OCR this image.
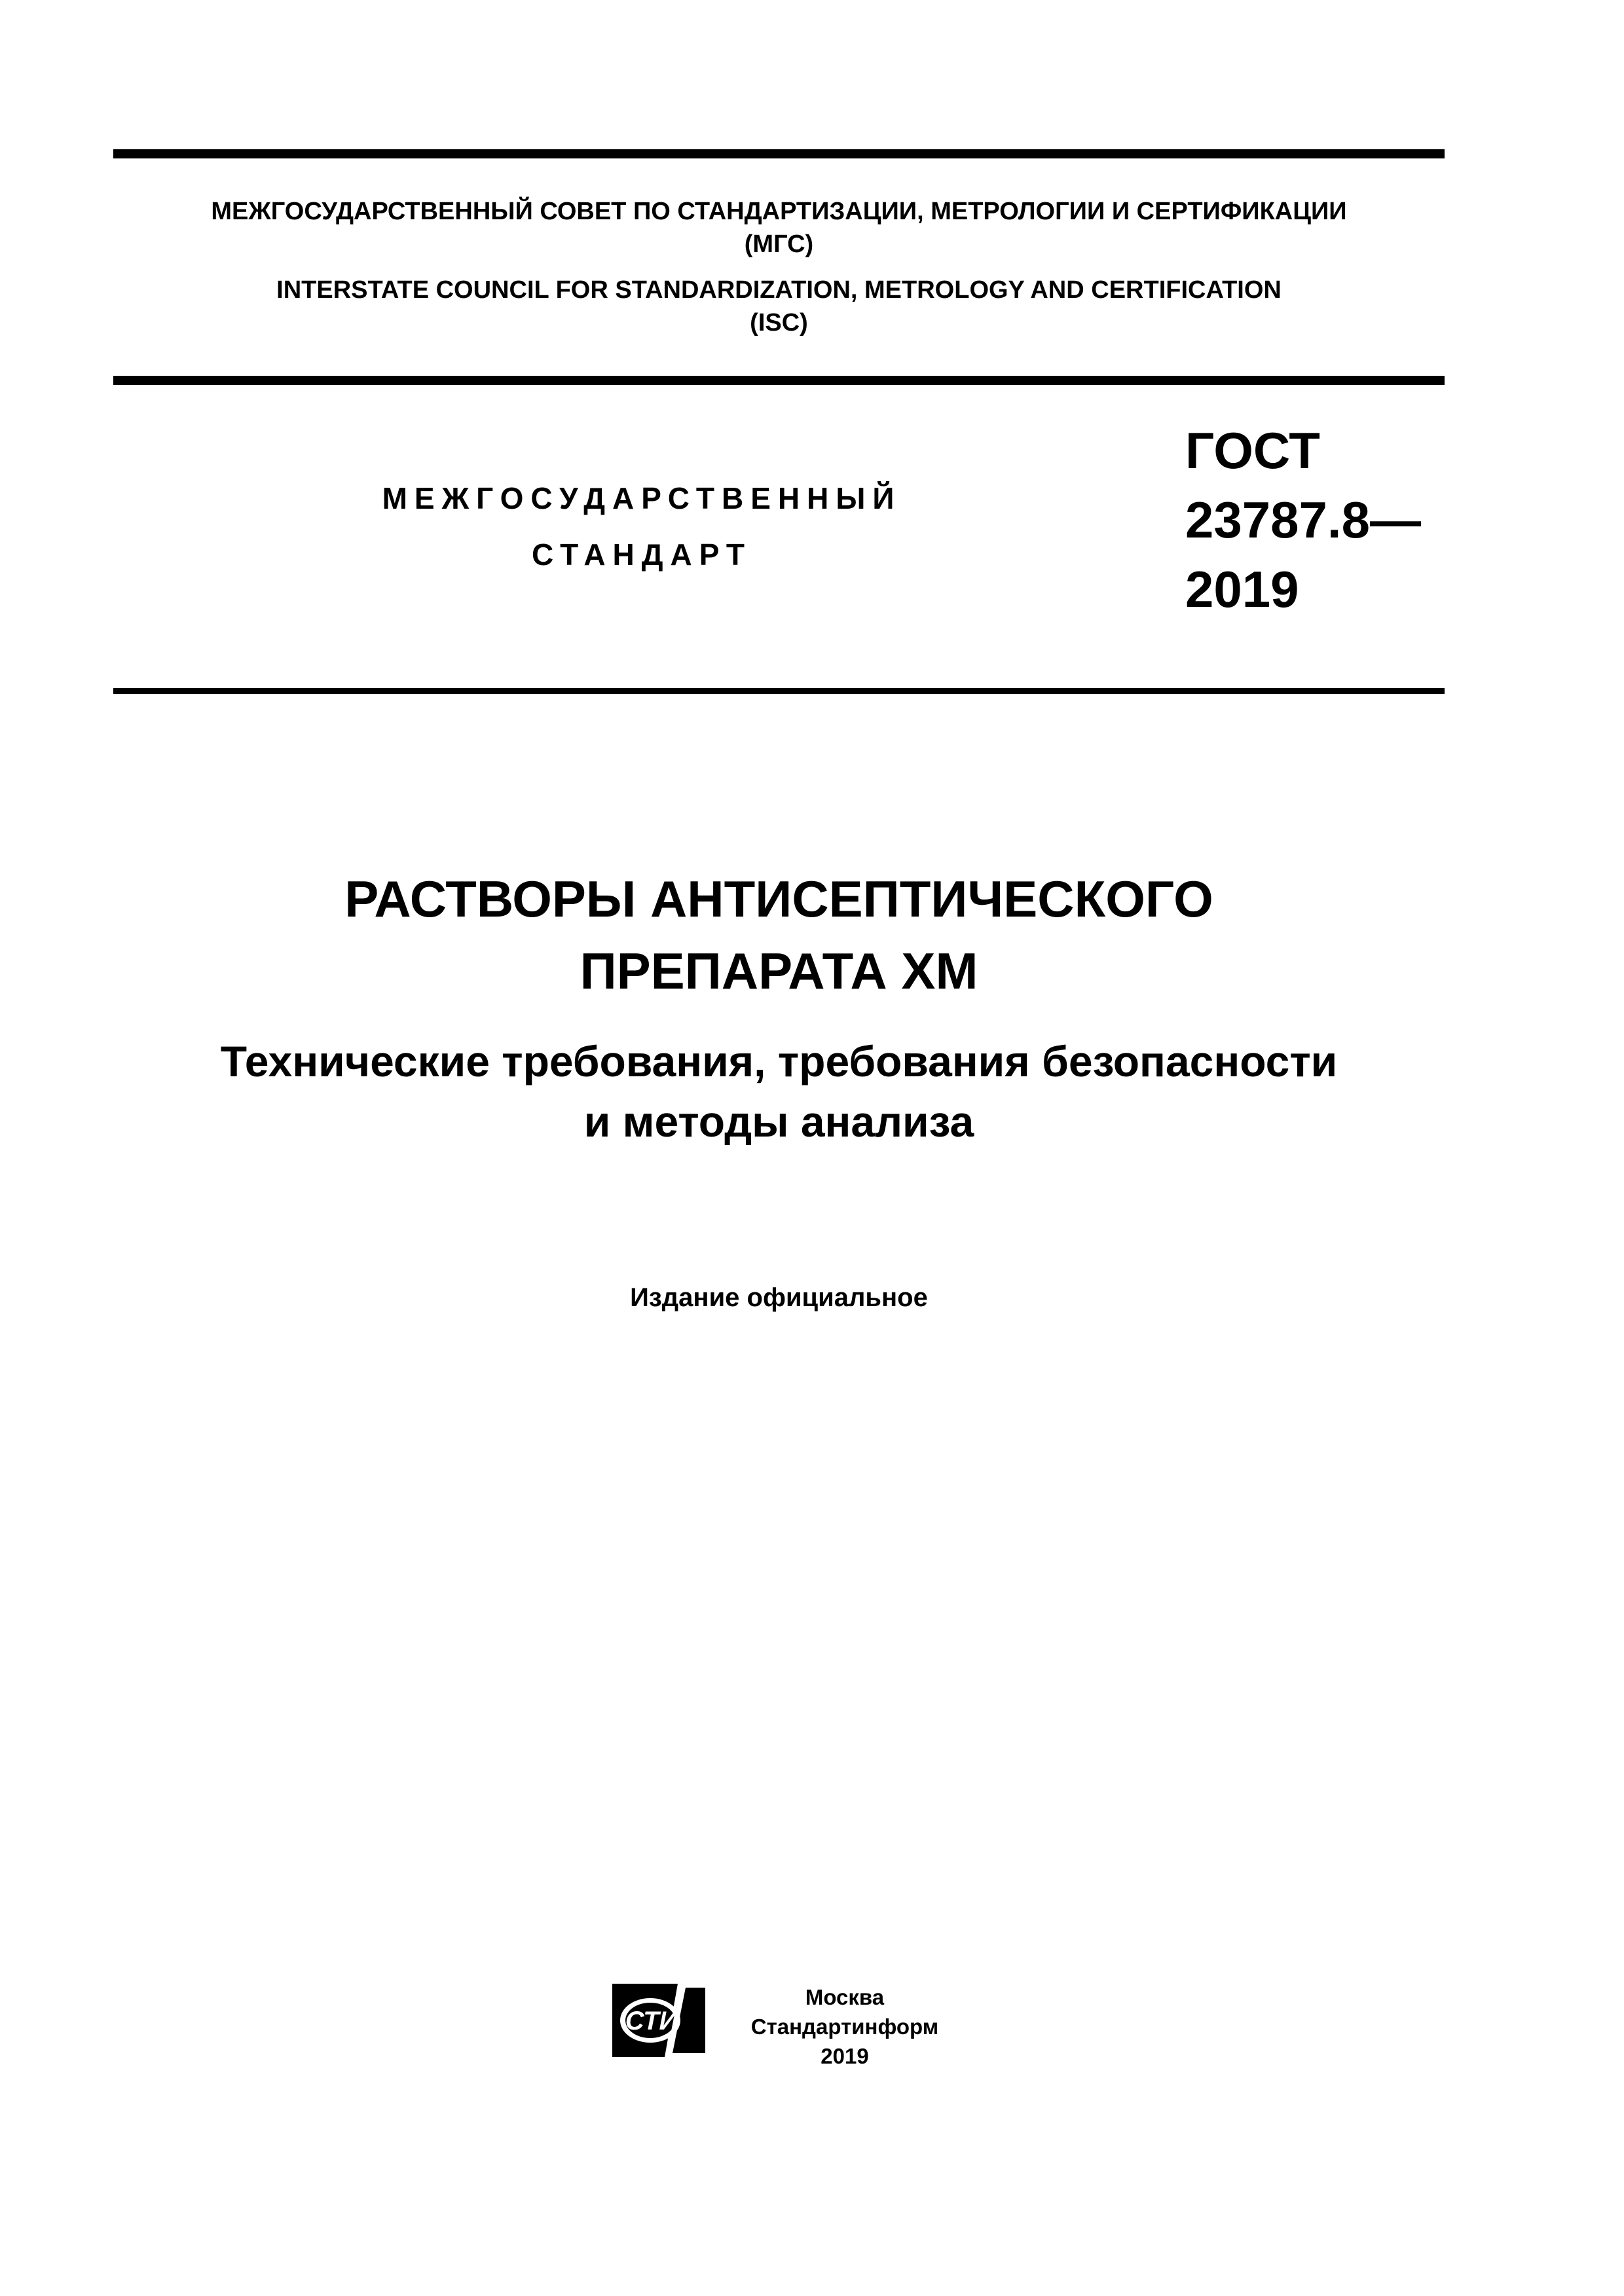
МЕЖГОСУДАРСТВЕННЫЙ СОВЕТ ПО СТАНДАРТИЗАЦИИ, МЕТРОЛОГИИ И СЕРТИФИКАЦИИ
(МГС)
INTERSTATE COUNCIL FOR STANDARDIZATION, METROLOGY AND CERTIFICATION
(ISC)
МЕЖГОСУДАРСТВЕННЫЙ
СТАНДАРТ
ГОСТ
23787.8—
2019
РАСТВОРЫ АНТИСЕПТИЧЕСКОГО
ПРЕПАРАТА ХМ
Технические требования, требования безопасности
и методы анализа
Издание официальное
СТИ
Москва
Стандартинформ
2019
